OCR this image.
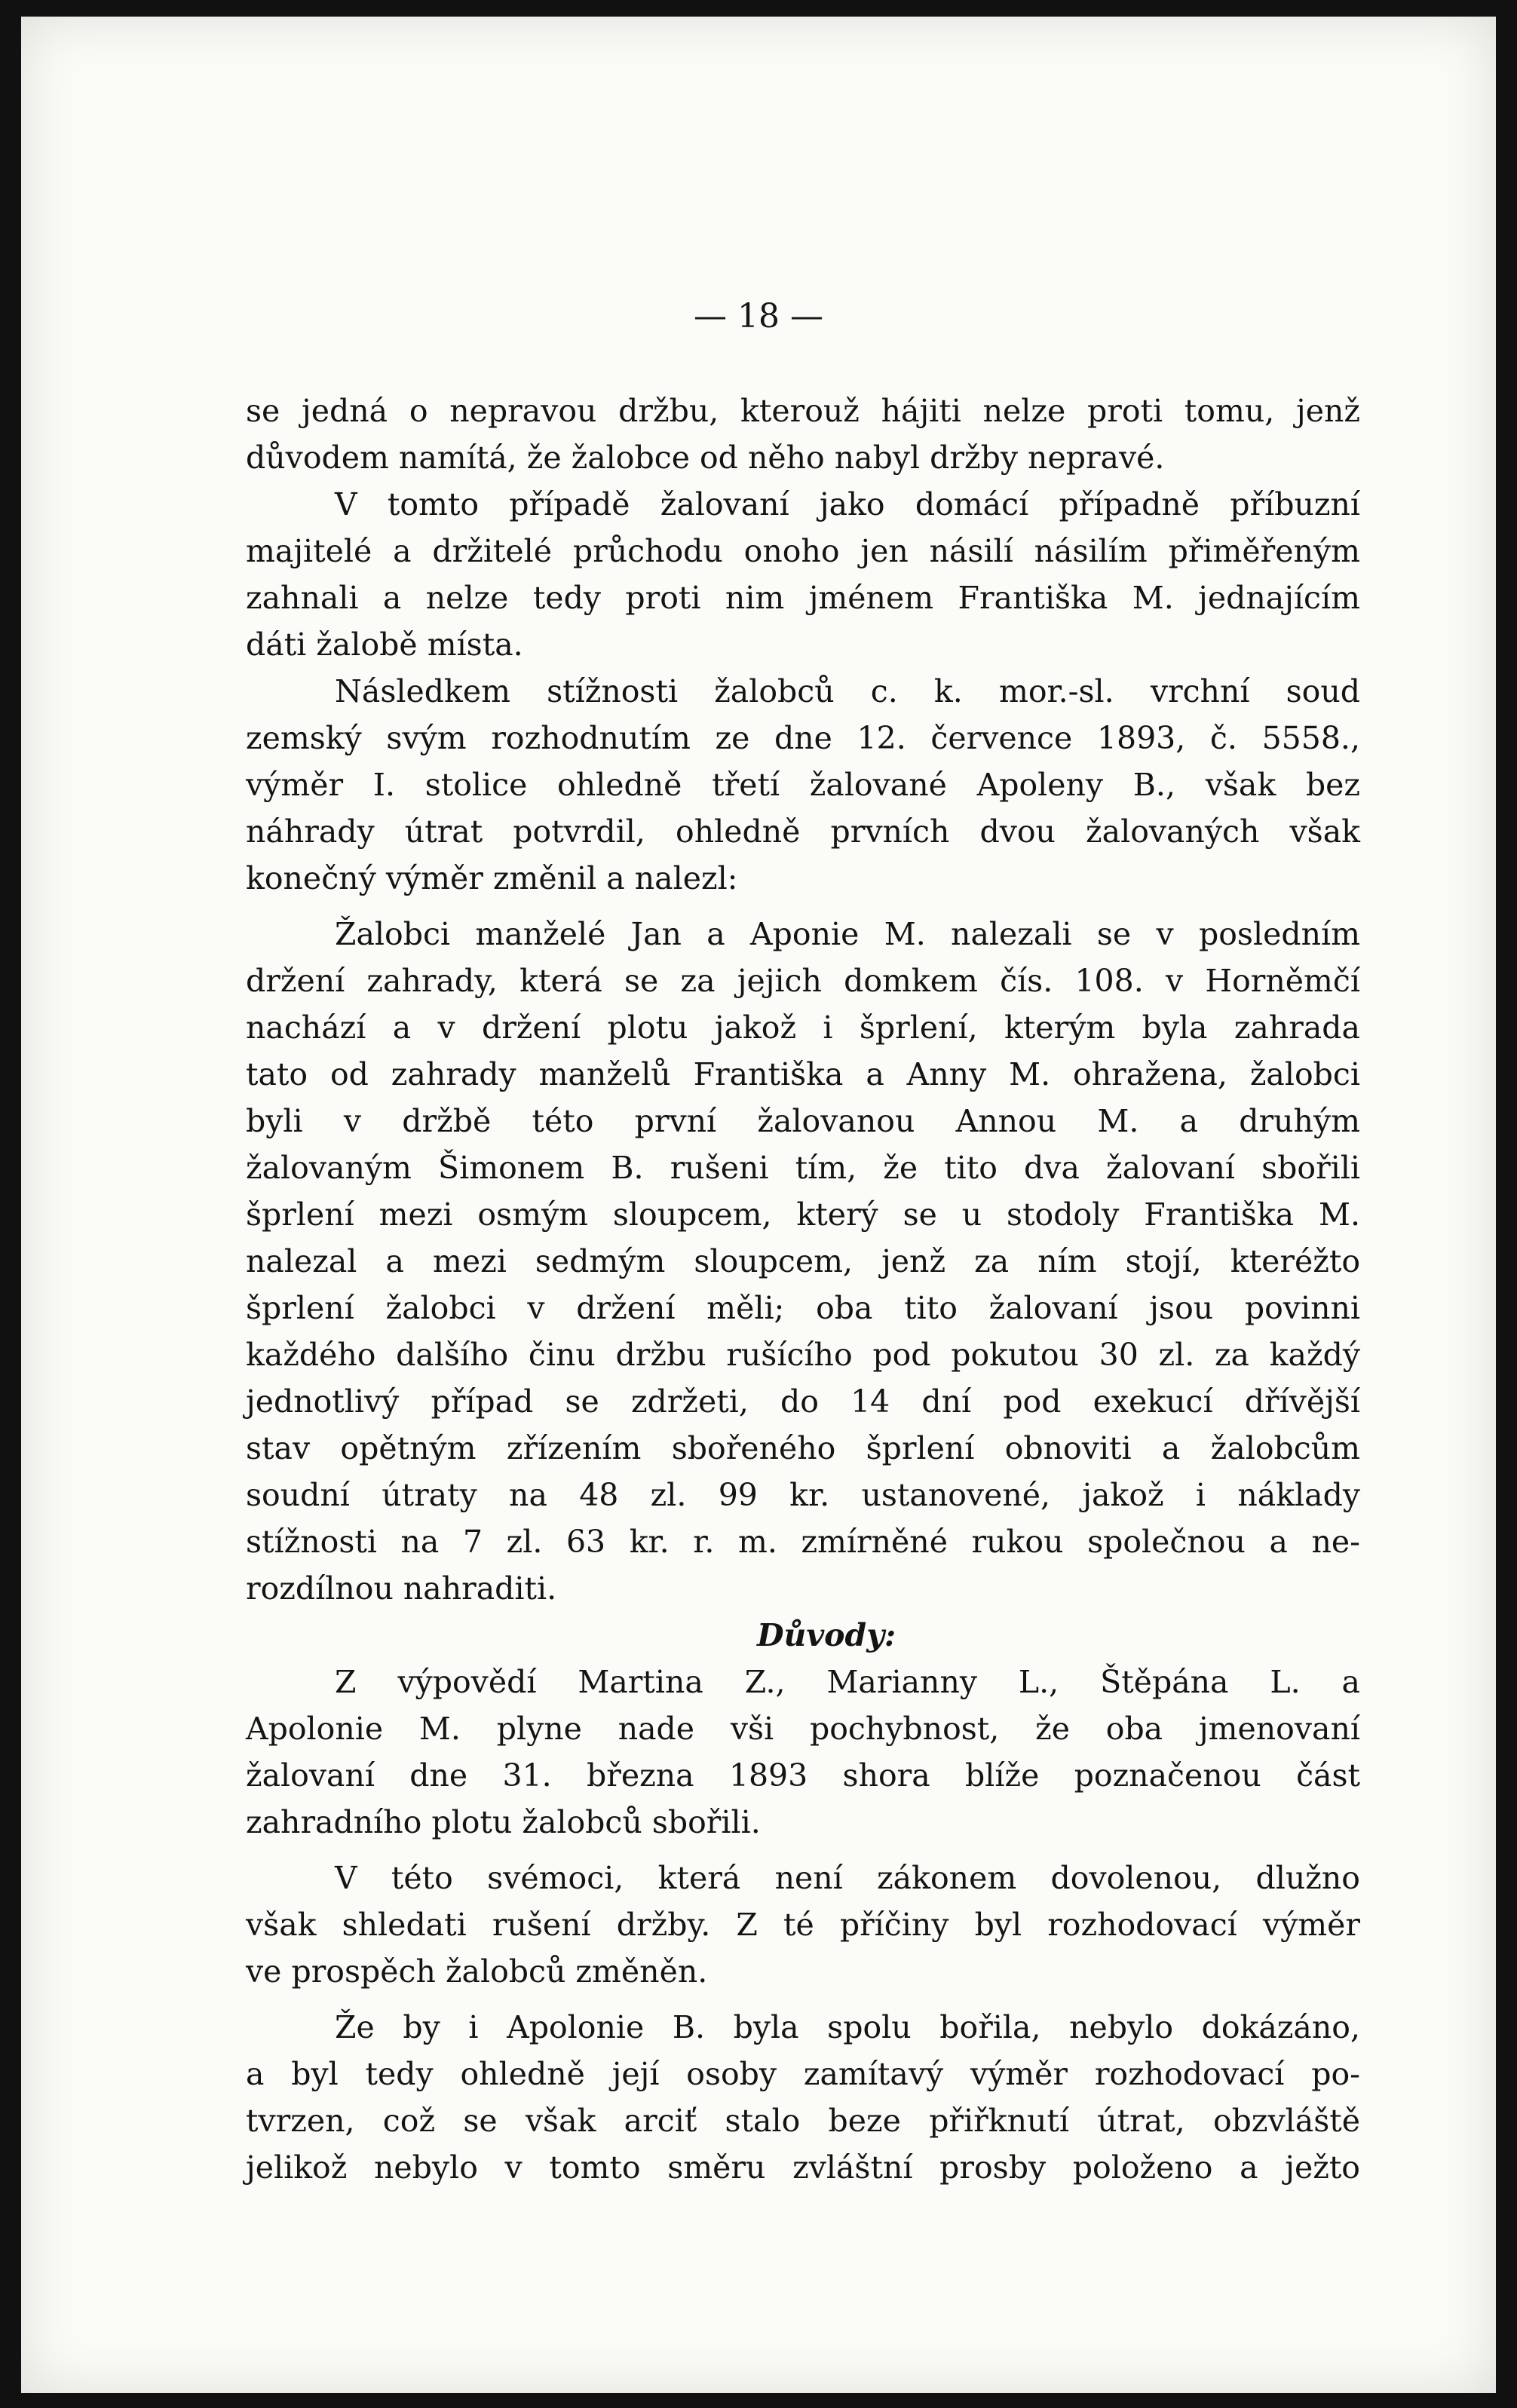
— 18 —
se jedná o nepravou držbu, kterouž hájiti nelze proti tomu, jenž
důvodem namítá, že žalobce od něho nabyl držby nepravé.
V tomto případě žalovaní jako domácí případně příbuzní
majitelé a držitelé průchodu onoho jen násilí násilím přiměřeným
zahnali a nelze tedy proti nim jménem Františka M. jednajícím
dáti žalobě místa.
Následkem stížnosti žalobců c. k. mor.-sl. vrchní soud
zemský svým rozhodnutím ze dne 12. července 1893, č. 5558.,
výměr I. stolice ohledně třetí žalované Apoleny B., však bez
náhrady útrat potvrdil, ohledně prvních dvou žalovaných však
konečný výměr změnil a nalezl:
Žalobci manželé Jan a Aponie M. nalezali se v posledním
držení zahrady, která se za jejich domkem čís. 108. v Horněmčí
nachází a v držení plotu jakož i šprlení, kterým byla zahrada
tato od zahrady manželů Františka a Anny M. ohražena, žalobci
byli v držbě této první žalovanou Annou M. a druhým
žalovaným Šimonem B. rušeni tím, že tito dva žalovaní sbořili
šprlení mezi osmým sloupcem, který se u stodoly Františka M.
nalezal a mezi sedmým sloupcem, jenž za ním stojí, kteréžto
šprlení žalobci v držení měli; oba tito žalovaní jsou povinni
každého dalšího činu držbu rušícího pod pokutou 30 zl. za každý
jednotlivý případ se zdržeti, do 14 dní pod exekucí dřívější
stav opětným zřízením sbořeného šprlení obnoviti a žalobcům
soudní útraty na 48 zl. 99 kr. ustanovené, jakož i náklady
stížnosti na 7 zl. 63 kr. r. m. zmírněné rukou společnou a ne-
rozdílnou nahraditi.
Důvody:
Z výpovědí Martina Z., Marianny L., Štěpána L. a
Apolonie M. plyne nade vši pochybnost, že oba jmenovaní
žalovaní dne 31. března 1893 shora blíže poznačenou část
zahradního plotu žalobců sbořili.
V této svémoci, která není zákonem dovolenou, dlužno
však shledati rušení držby. Z té příčiny byl rozhodovací výměr
ve prospěch žalobců změněn.
Že by i Apolonie B. byla spolu bořila, nebylo dokázáno,
a byl tedy ohledně její osoby zamítavý výměr rozhodovací po-
tvrzen, což se však arciť stalo beze přiřknutí útrat, obzvláště
jelikož nebylo v tomto směru zvláštní prosby položeno a ježto
